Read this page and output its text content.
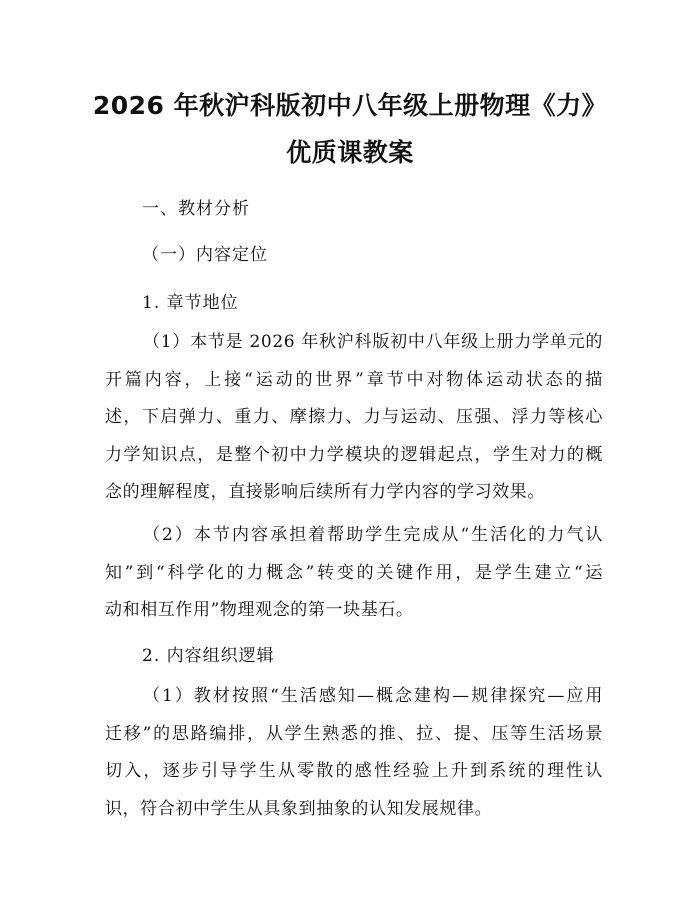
2026 年秋沪科版初中八年级上册物理《力》
优质课教案

一、教材分析

（一）内容定位

1. 章节地位

（1）本节是 2026 年秋沪科版初中八年级上册力学单元的
开篇内容，上接“运动的世界”章节中对物体运动状态的描
述，下启弹力、重力、摩擦力、力与运动、压强、浮力等核心
力学知识点，是整个初中力学模块的逻辑起点，学生对力的概
念的理解程度，直接影响后续所有力学内容的学习效果。
（2）本节内容承担着帮助学生完成从“生活化的力气认
知”到“科学化的力概念”转变的关键作用，是学生建立“运
动和相互作用”物理观念的第一块基石。

2. 内容组织逻辑

（1）教材按照“生活感知—概念建构—规律探究—应用
迁移”的思路编排，从学生熟悉的推、拉、提、压等生活场景
切入，逐步引导学生从零散的感性经验上升到系统的理性认
识，符合初中学生从具象到抽象的认知发展规律。
